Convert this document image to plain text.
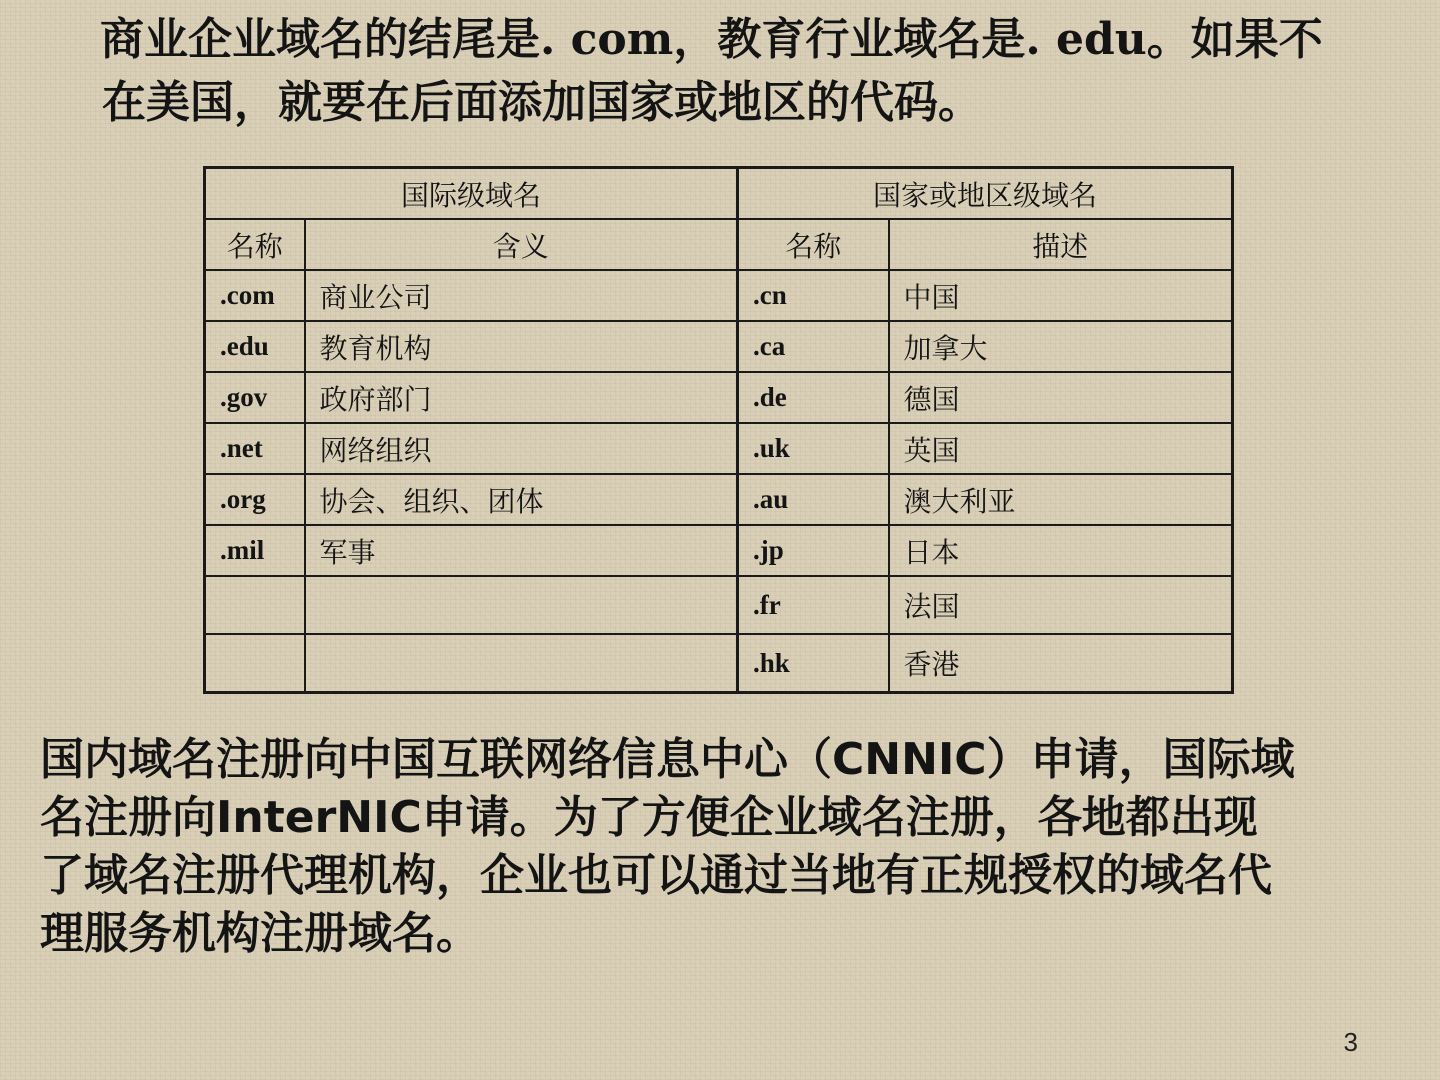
商业企业域名的结尾是. com，教育行业域名是. edu。如果不
在美国，就要在后面添加国家或地区的代码。
国际级域名		国家或地区级域名	
名称	含义	名称	描述
.com	商业公司	.cn	中国
.edu	教育机构	.ca	加拿大
.gov	政府部门	.de	德国
.net	网络组织	.uk	英国
.org	协会、组织、团体	.au	澳大利亚
.mil	军事	.jp	日本
		.fr	法国
		.hk	香港
国内域名注册向中国互联网络信息中心（CNNIC）申请，国际域
名注册向InterNIC申请。为了方便企业域名注册，各地都出现
了域名注册代理机构，企业也可以通过当地有正规授权的域名代
理服务机构注册域名。
3
